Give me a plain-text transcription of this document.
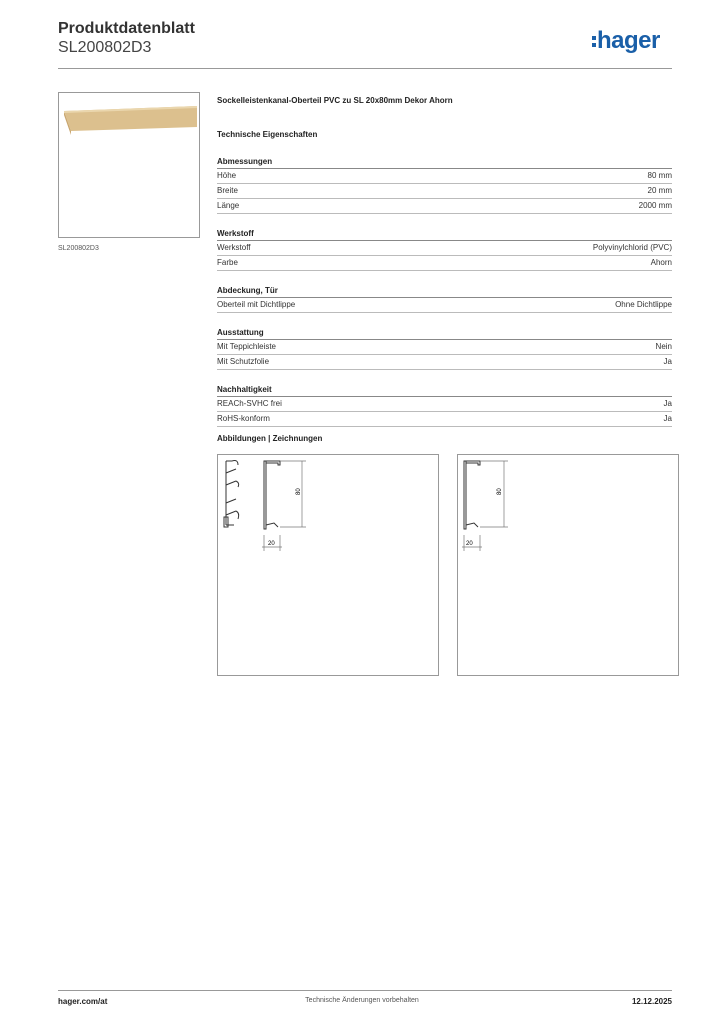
Produktdatenblatt
SL200802D3	hager
SL200802D3
Sockelleistenkanal-Oberteil PVC zu SL 20x80mm Dekor Ahorn
Technische Eigenschaften
Abmessungen
Höhe	80 mm
Breite	20 mm
Länge	2000 mm
Werkstoff
Werkstoff	Polyvinylchlorid (PVC)
Farbe	Ahorn
Abdeckung, Tür
Oberteil mit Dichtlippe	Ohne Dichtlippe
Ausstattung
Mit Teppichleiste	Nein
Mit Schutzfolie	Ja
Nachhaltigkeit
REACh-SVHC frei	Ja
RoHS-konform	Ja
Abbildungen | Zeichnungen
80
20
80
20
hager.com/at	Technische Änderungen vorbehalten	12.12.2025
